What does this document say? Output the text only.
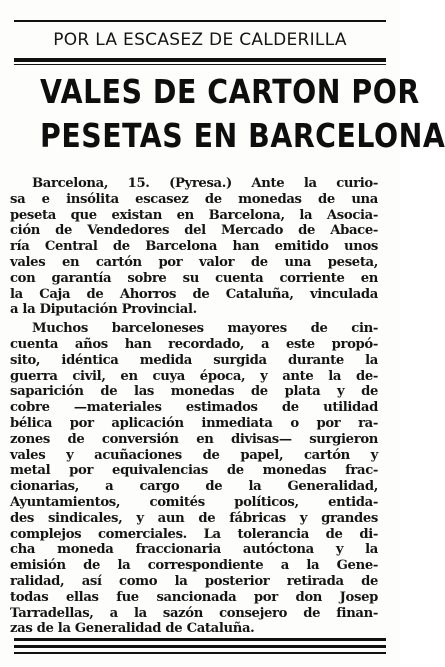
POR LA ESCASEZ DE CALDERILLA
VALES DE CARTON POR
PESETAS EN BARCELONA
Barcelona, 15. (Pyresa.) Ante la curio-
sa e insólita escasez de monedas de una
peseta que existan en Barcelona, la Asocia-
ción de Vendedores del Mercado de Abace-
ría Central de Barcelona han emitido unos
vales en cartón por valor de una peseta,
con garantía sobre su cuenta corriente en
la Caja de Ahorros de Cataluña, vinculada
a la Diputación Provincial.
Muchos barceloneses mayores de cin-
cuenta años han recordado, a este propó-
sito, idéntica medida surgida durante la
guerra civil, en cuya época, y ante la de-
saparición de las monedas de plata y de
cobre —materiales estimados de utilidad
bélica por aplicación inmediata o por ra-
zones de conversión en divisas— surgieron
vales y acuñaciones de papel, cartón y
metal por equivalencias de monedas frac-
cionarias, a cargo de la Generalidad,
Ayuntamientos, comités políticos, entida-
des sindicales, y aun de fábricas y grandes
complejos comerciales. La tolerancia de di-
cha moneda fraccionaria autóctona y la
emisión de la correspondiente a la Gene-
ralidad, así como la posterior retirada de
todas ellas fue sancionada por don Josep
Tarradellas, a la sazón consejero de finan-
zas de la Generalidad de Cataluña.
